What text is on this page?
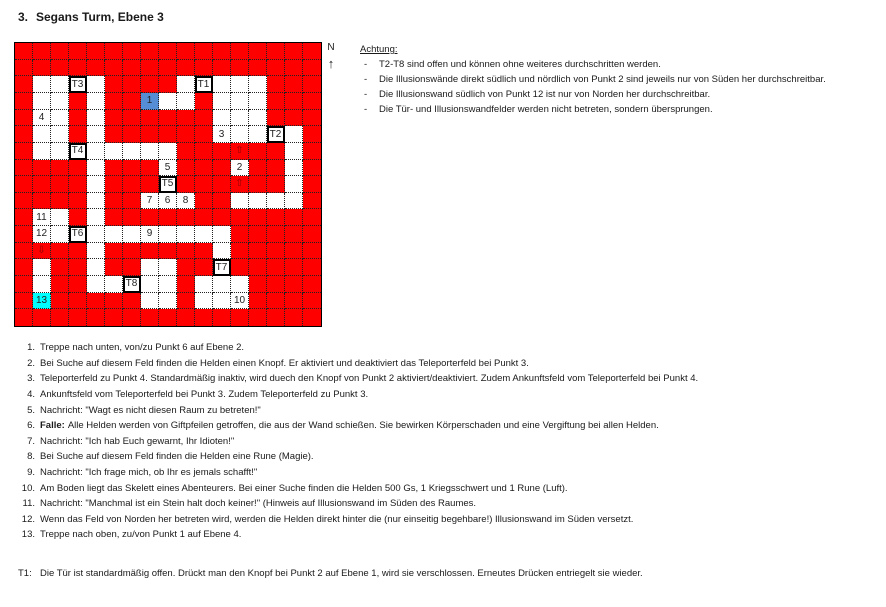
3. Segans Turm, Ebene 3
T3	T1
1
4
3	T2
T4	⇧
5	2
T5	⇧
7 6 8
11
12 T6	9
⇩
T7
T8
13	10
N
↑
Achtung:
-	T2-T8 sind offen und können ohne weiteres durchschritten werden.
-	Die Illusionswände direkt südlich und nördlich von Punkt 2 sind jeweils nur von Süden her durchschreitbar.
-	Die Illusionswand südlich von Punkt 12 ist nur von Norden her durchschreitbar.
-	Die Tür- und Illusionswandfelder werden nicht betreten, sondern übersprungen.
1. Treppe nach unten, von/zu Punkt 6 auf Ebene 2.
2. Bei Suche auf diesem Feld finden die Helden einen Knopf. Er aktiviert und deaktiviert das Teleporterfeld bei Punkt 3.
3. Teleporterfeld zu Punkt 4. Standardmäßig inaktiv, wird duech den Knopf von Punkt 2 aktiviert/deaktiviert. Zudem Ankunftsfeld vom Teleporterfeld bei Punkt 4.
4. Ankunftsfeld vom Teleporterfeld bei Punkt 3. Zudem Teleporterfeld zu Punkt 3.
5. Nachricht: "Wagt es nicht diesen Raum zu betreten!"
6. Falle: Alle Helden werden von Giftpfeilen getroffen, die aus der Wand schießen. Sie bewirken Körperschaden und eine Vergiftung bei allen Helden.
7. Nachricht: "Ich hab Euch gewarnt, Ihr Idioten!"
8. Bei Suche auf diesem Feld finden die Helden eine Rune (Magie).
9. Nachricht: "Ich frage mich, ob Ihr es jemals schafft!"
10. Am Boden liegt das Skelett eines Abenteurers. Bei einer Suche finden die Helden 500 Gs, 1 Kriegsschwert und 1 Rune (Luft).
11. Nachricht: "Manchmal ist ein Stein halt doch keiner!" (Hinweis auf Illusionswand im Süden des Raumes.
12. Wenn das Feld von Norden her betreten wird, werden die Helden direkt hinter die (nur einseitig begehbare!) Illusionswand im Süden versetzt.
13. Treppe nach oben, zu/von Punkt 1 auf Ebene 4.
T1: Die Tür ist standardmäßig offen. Drückt man den Knopf bei Punkt 2 auf Ebene 1, wird sie verschlossen. Erneutes Drücken entriegelt sie wieder.
